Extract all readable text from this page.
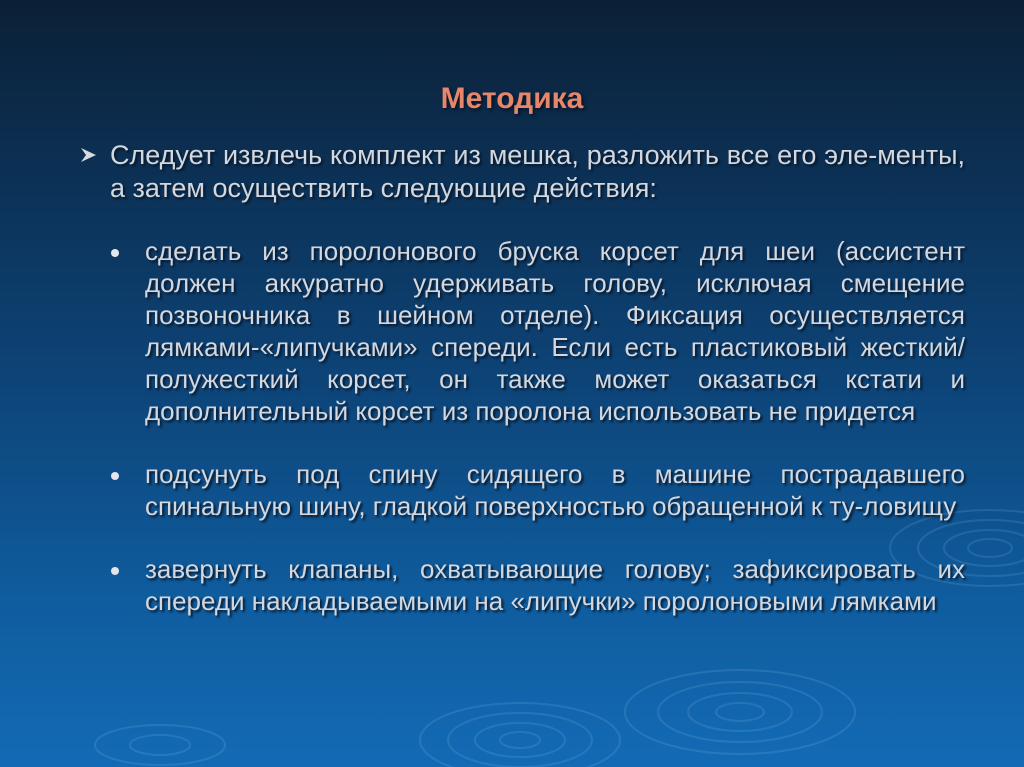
Методика

Следует извлечь комплект из мешка, разложить все его эле-менты, а затем осуществить следующие действия:

сделать из поролонового бруска корсет для шеи (ассистент должен аккуратно удерживать голову, исключая смещение позвоночника в шейном отделе). Фиксация осуществляется лямками-«липучками» спереди. Если есть пластиковый жесткий/полужесткий корсет, он также может оказаться кстати и дополнительный корсет из поролона использовать не придется

подсунуть под спину сидящего в машине пострадавшего спинальную шину, гладкой поверхностью обращенной к ту-ловищу

завернуть клапаны, охватывающие голову; зафиксировать их спереди накладываемыми на «липучки» поролоновыми лямками
